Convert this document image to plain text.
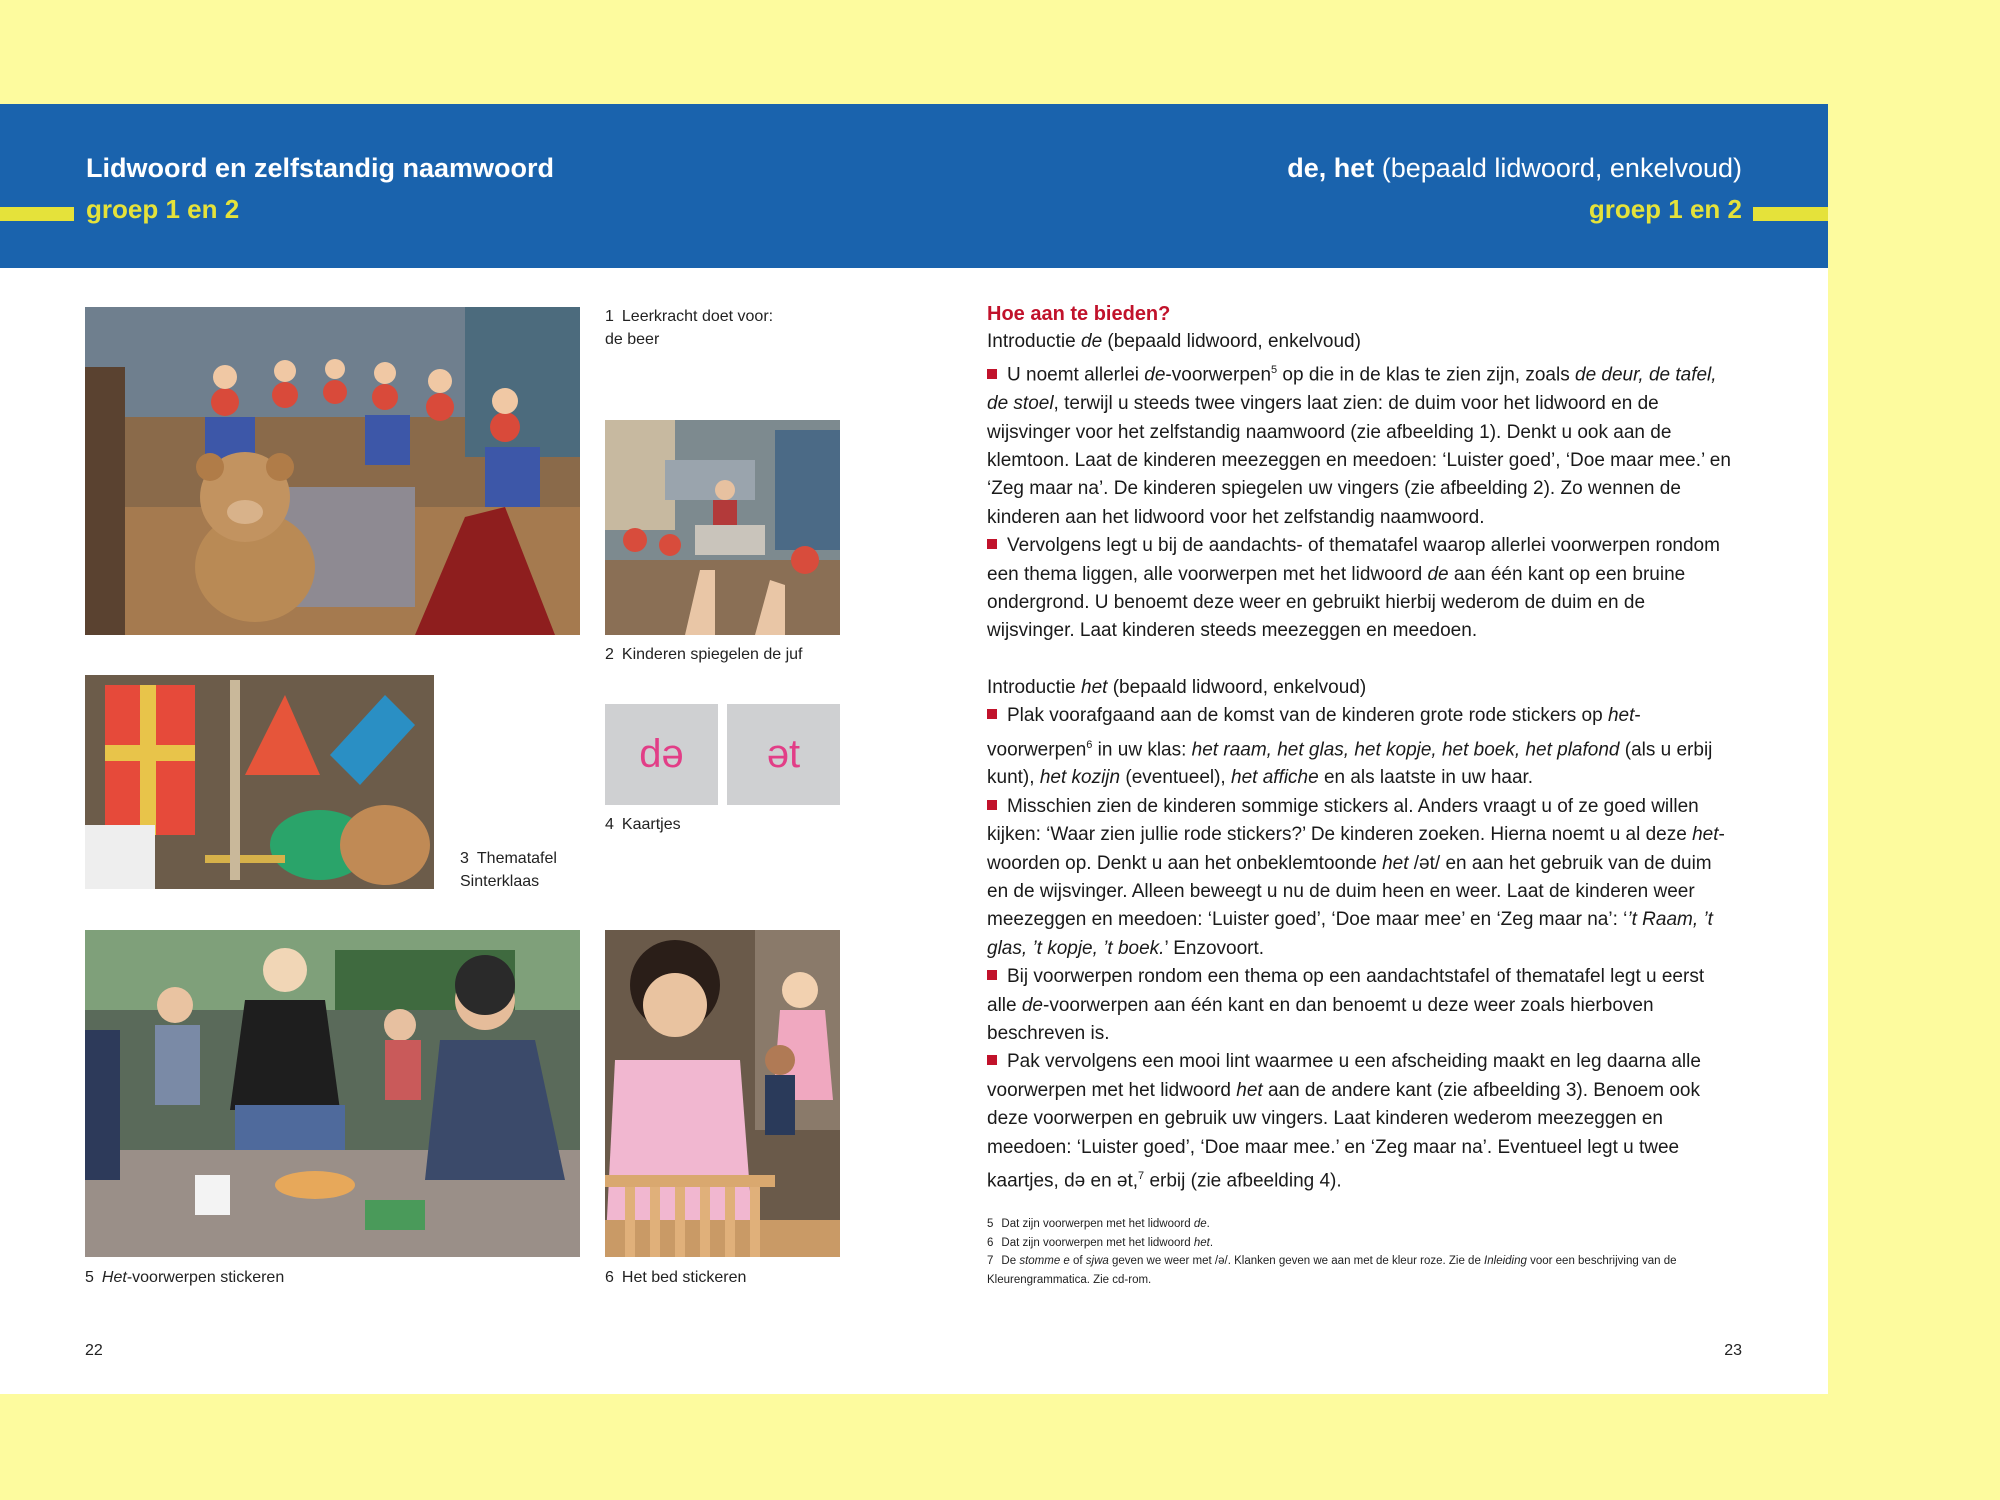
Lidwoord en zelfstandig naamwoord
groep 1 en 2
de, het (bepaald lidwoord, enkelvoud)
groep 1 en 2
1 Leerkracht doet voor:
de beer
2 Kinderen spiegelen de juf
3 Thematafel
Sinterklaas
də	ət
4 Kaartjes
5 Het-voorwerpen stickeren	6 Het bed stickeren
Hoe aan te bieden?

Introductie de (bepaald lidwoord, enkelvoud)

U noemt allerlei de-voorwerpen$^5$ op die in de klas te zien zijn, zoals de deur, de tafel, de stoel, terwijl u steeds twee vingers laat zien: de duim voor het lidwoord en de wijsvinger voor het zelfstandig naamwoord (zie afbeelding 1). Denkt u ook aan de klemtoon. Laat de kinderen meezeggen en meedoen: ‘Luister goed’, ‘Doe maar mee.’ en ‘Zeg maar na’. De kinderen spiegelen uw vingers (zie afbeelding 2). Zo wennen de kinderen aan het lidwoord voor het zelfstandig naamwoord.

Vervolgens legt u bij de aandachts- of thematafel waarop allerlei voorwerpen rondom een thema liggen, alle voorwerpen met het lidwoord de aan één kant op een bruine ondergrond. U benoemt deze weer en gebruikt hierbij wederom de duim en de wijsvinger. Laat kinderen steeds meezeggen en meedoen.

Introductie het (bepaald lidwoord, enkelvoud)

Plak voorafgaand aan de komst van de kinderen grote rode stickers op het-voorwerpen$^6$ in uw klas: het raam, het glas, het kopje, het boek, het plafond (als u erbij kunt), het kozijn (eventueel), het affiche en als laatste in uw haar.

Misschien zien de kinderen sommige stickers al. Anders vraagt u of ze goed willen kijken: ‘Waar zien jullie rode stickers?’ De kinderen zoeken. Hierna noemt u al deze het-woorden op. Denkt u aan het onbeklemtoonde het /ət/ en aan het gebruik van de duim en de wijsvinger. Alleen beweegt u nu de duim heen en weer. Laat de kinderen weer meezeggen en meedoen: ‘Luister goed’, ‘Doe maar mee’ en ‘Zeg maar na’: ‘’t Raam, ’t glas, ’t kopje, ’t boek.’ Enzovoort.

Bij voorwerpen rondom een thema op een aandachtstafel of thematafel legt u eerst alle de-voorwerpen aan één kant en dan benoemt u deze weer zoals hierboven beschreven is.

Pak vervolgens een mooi lint waarmee u een afscheiding maakt en leg daarna alle voorwerpen met het lidwoord het aan de andere kant (zie afbeelding 3). Benoem ook deze voorwerpen en gebruik uw vingers. Laat kinderen wederom meezeggen en meedoen: ‘Luister goed’, ‘Doe maar mee.’ en ‘Zeg maar na’. Eventueel legt u twee kaartjes, də en ət,$^7$ erbij (zie afbeelding 4).

5 Dat zijn voorwerpen met het lidwoord de.
6 Dat zijn voorwerpen met het lidwoord het.
7 De stomme e of sjwa geven we weer met /ə/. Klanken geven we aan met de kleur roze. Zie de Inleiding voor een beschrijving van de Kleurengrammatica. Zie cd-rom.
22	23
